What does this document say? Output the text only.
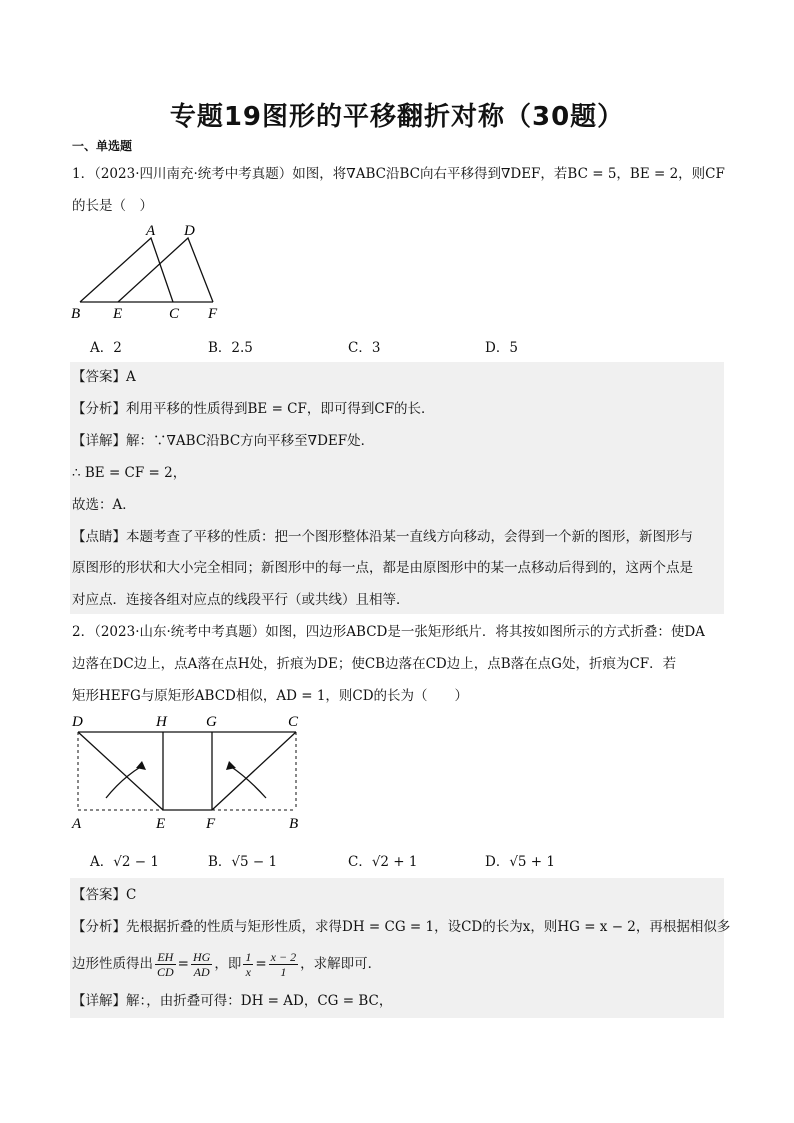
专题19图形的平移翻折对称（30题）
一、单选题
1．（2023·四川南充·统考中考真题）如图，将∇ABC沿BC向右平移得到∇DEF，若BC = 5，BE = 2，则CF
的长是（　）
A D
B E	C F
A．2	B．2.5	C．3	D．5
【答案】A
【分析】利用平移的性质得到BE = CF，即可得到CF的长．
【详解】解：∵∇ABC沿BC方向平移至∇DEF处．
∴ BE = CF = 2，
故选：A．
【点睛】本题考查了平移的性质：把一个图形整体沿某一直线方向移动，会得到一个新的图形，新图形与
原图形的形状和大小完全相同；新图形中的每一点，都是由原图形中的某一点移动后得到的，这两个点是
对应点．连接各组对应点的线段平行（或共线）且相等．
2．（2023·山东·统考中考真题）如图，四边形ABCD是一张矩形纸片．将其按如图所示的方式折叠：使DA
边落在DC边上，点A落在点H处，折痕为DE；使CB边落在CD边上，点B落在点G处，折痕为CF．若
矩形HEFG与原矩形ABCD相似，AD = 1，则CD的长为（　　）
D	H	G	C
A	E	F	B
A．√2 − 1	B．√5 − 1	C．√2 + 1	D．√5 + 1
【答案】C
【分析】先根据折叠的性质与矩形性质，求得DH = CG = 1，设CD的长为x，则HG = x − 2，再根据相似多
边形性质得出 $\frac{EH}{CD} = \frac{HG}{AD}$ ，即 $\frac{1}{x} = \frac{x - 2}{1}$ ，求解即可．
【详解】解：，由折叠可得：DH = AD，CG = BC，
